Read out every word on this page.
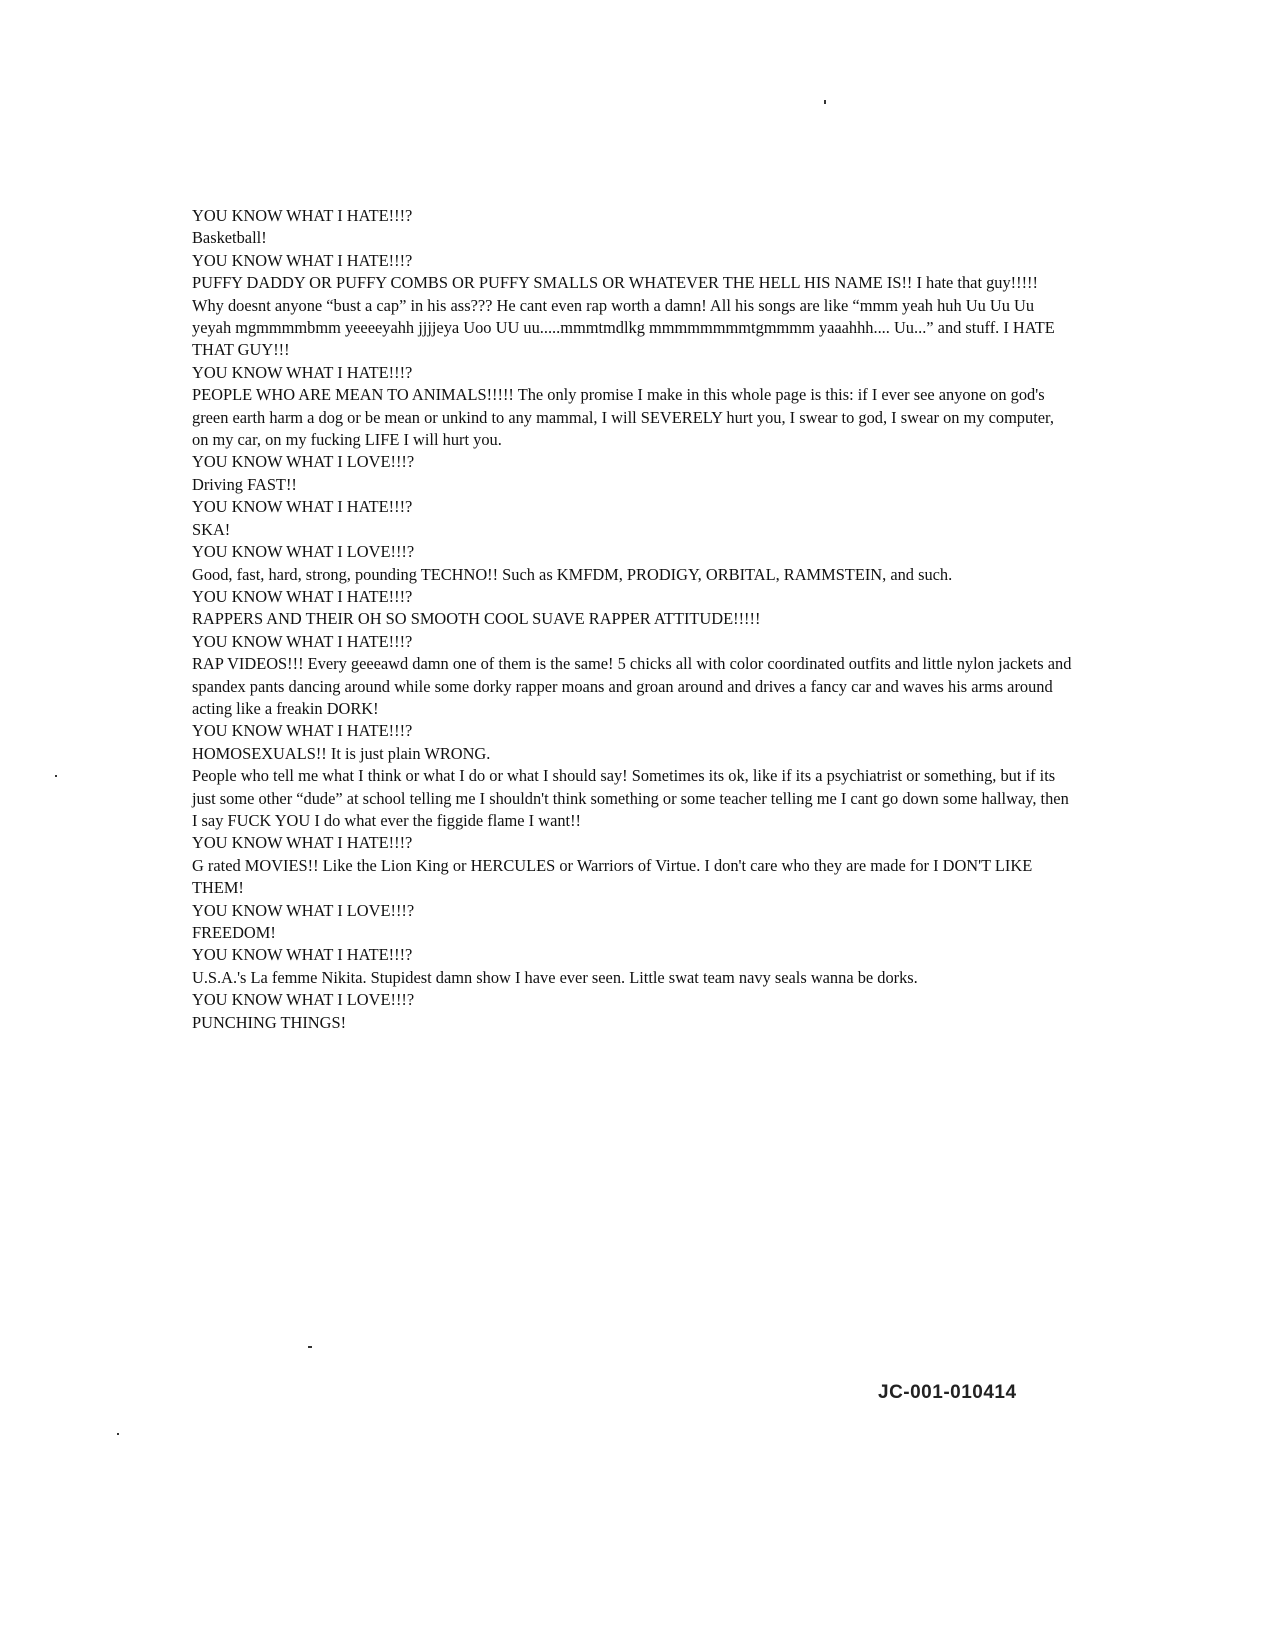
YOU KNOW WHAT I HATE!!!?
Basketball!
YOU KNOW WHAT I HATE!!!?
PUFFY DADDY OR PUFFY COMBS OR PUFFY SMALLS OR WHATEVER THE HELL HIS NAME IS!! I hate that guy!!!!! Why doesnt anyone “bust a cap” in his ass??? He cant even rap worth a damn! All his songs are like “mmm yeah huh Uu Uu Uu yeyah mgmmmmbmm yeeeeyahh jjjjeya Uoo UU uu.....mmmtmdlkg mmmmmmmmtgmmmm yaaahhh.... Uu...” and stuff. I HATE THAT GUY!!!
YOU KNOW WHAT I HATE!!!?
PEOPLE WHO ARE MEAN TO ANIMALS!!!!! The only promise I make in this whole page is this: if I ever see anyone on god's green earth harm a dog or be mean or unkind to any mammal, I will SEVERELY hurt you, I swear to god, I swear on my computer, on my car, on my fucking LIFE I will hurt you.
YOU KNOW WHAT I LOVE!!!?
Driving FAST!!
YOU KNOW WHAT I HATE!!!?
SKA!
YOU KNOW WHAT I LOVE!!!?
Good, fast, hard, strong, pounding TECHNO!! Such as KMFDM, PRODIGY, ORBITAL, RAMMSTEIN, and such.
YOU KNOW WHAT I HATE!!!?
RAPPERS AND THEIR OH SO SMOOTH COOL SUAVE RAPPER ATTITUDE!!!!!
YOU KNOW WHAT I HATE!!!?
RAP VIDEOS!!! Every geeeawd damn one of them is the same! 5 chicks all with color coordinated outfits and little nylon jackets and spandex pants dancing around while some dorky rapper moans and groan around and drives a fancy car and waves his arms around acting like a freakin DORK!
YOU KNOW WHAT I HATE!!!?
HOMOSEXUALS!! It is just plain WRONG.
People who tell me what I think or what I do or what I should say! Sometimes its ok, like if its a psychiatrist or something, but if its just some other “dude” at school telling me I shouldn't think something or some teacher telling me I cant go down some hallway, then I say FUCK YOU I do what ever the figgide flame I want!!
YOU KNOW WHAT I HATE!!!?
G rated MOVIES!! Like the Lion King or HERCULES or Warriors of Virtue. I don't care who they are made for I DON'T LIKE THEM!
YOU KNOW WHAT I LOVE!!!?
FREEDOM!
YOU KNOW WHAT I HATE!!!?
U.S.A.'s La femme Nikita. Stupidest damn show I have ever seen. Little swat team navy seals wanna be dorks.
YOU KNOW WHAT I LOVE!!!?
PUNCHING THINGS!
JC-001-010414
